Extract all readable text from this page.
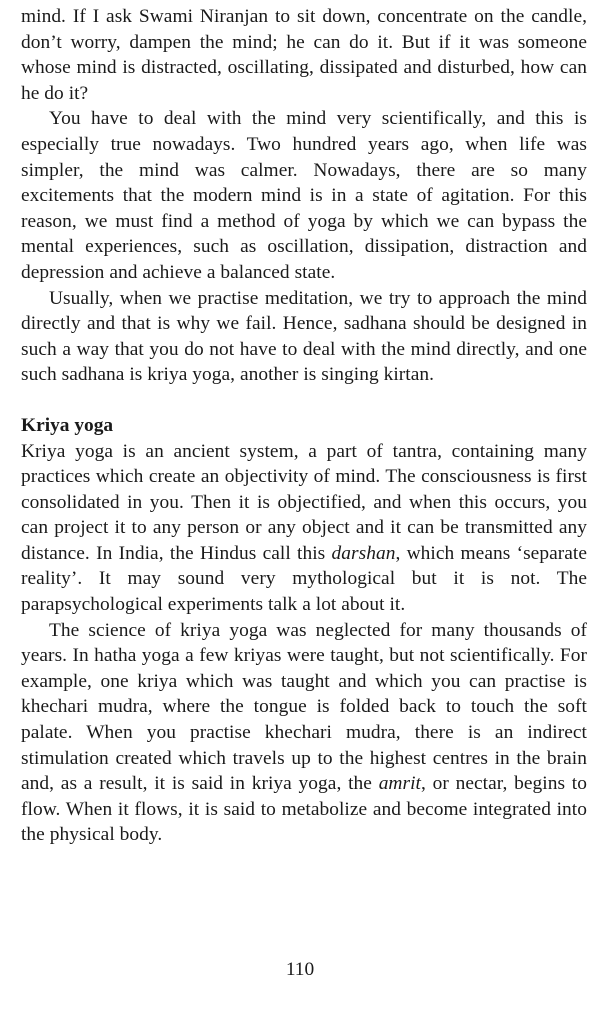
mind. If I ask Swami Niranjan to sit down, concentrate on the candle, don’t worry, dampen the mind; he can do it. But if it was someone whose mind is distracted, oscillating, dissipated and disturbed, how can he do it?

You have to deal with the mind very scientifically, and this is especially true nowadays. Two hundred years ago, when life was simpler, the mind was calmer. Nowadays, there are so many excitements that the modern mind is in a state of agitation. For this reason, we must find a method of yoga by which we can bypass the mental experiences, such as oscillation, dissipation, distraction and depression and achieve a balanced state.

Usually, when we practise meditation, we try to approach the mind directly and that is why we fail. Hence, sadhana should be designed in such a way that you do not have to deal with the mind directly, and one such sadhana is kriya yoga, another is singing kirtan.

Kriya yoga

Kriya yoga is an ancient system, a part of tantra, containing many practices which create an objectivity of mind. The consciousness is first consolidated in you. Then it is objectified, and when this occurs, you can project it to any person or any object and it can be transmitted any distance. In India, the Hindus call this darshan, which means ‘separate reality’. It may sound very mythological but it is not. The parapsychological experiments talk a lot about it.

The science of kriya yoga was neglected for many thousands of years. In hatha yoga a few kriyas were taught, but not scientifically. For example, one kriya which was taught and which you can practise is khechari mudra, where the tongue is folded back to touch the soft palate. When you practise khechari mudra, there is an indirect stimulation created which travels up to the highest centres in the brain and, as a result, it is said in kriya yoga, the amrit, or nectar, begins to flow. When it flows, it is said to metabolize and become integrated into the physical body.

110
